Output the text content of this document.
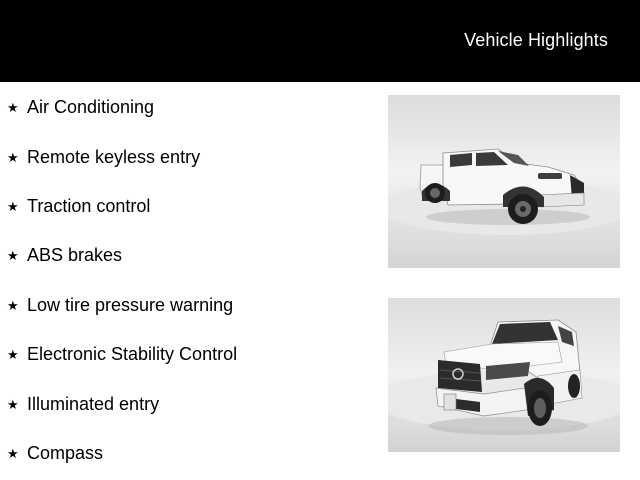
Vehicle Highlights
★ Air Conditioning
★ Remote keyless entry
★ Traction control
★ ABS brakes
★ Low tire pressure warning
★ Electronic Stability Control
★ Illuminated entry
★ Compass
